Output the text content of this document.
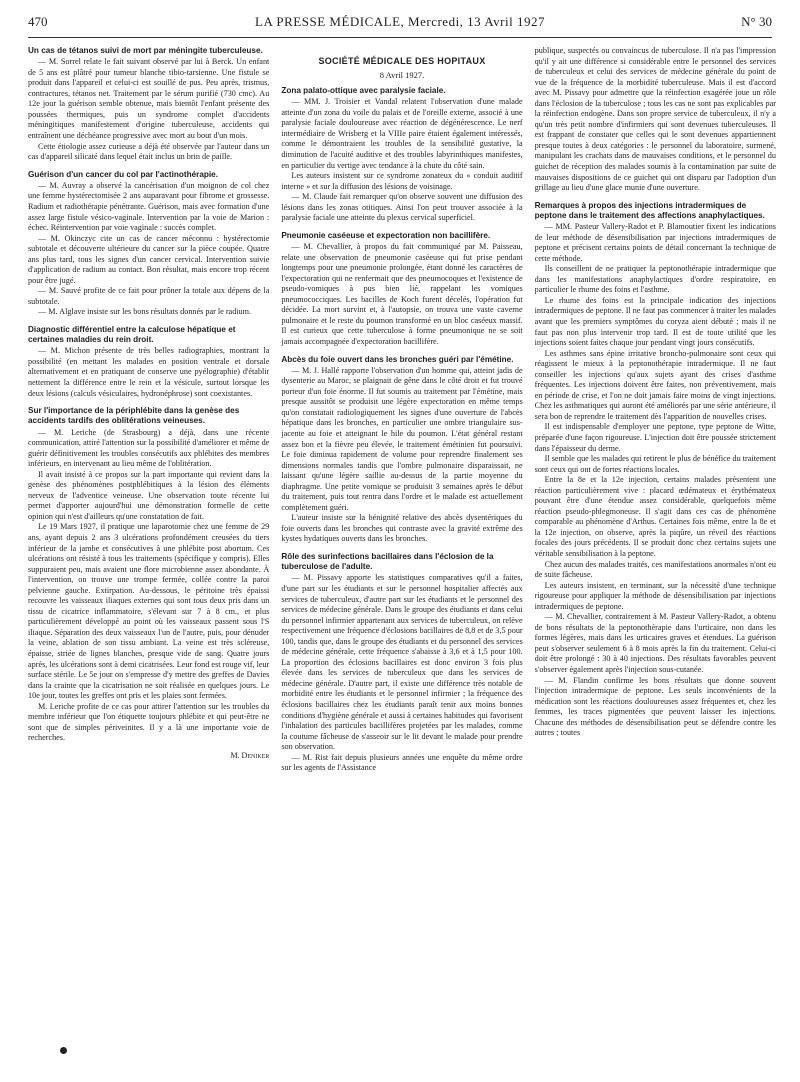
470	LA PRESSE MÉDICALE, Mercredi, 13 Avril 1927	N° 30
Un cas de tétanos suivi de mort par méningite tuberculeuse.

— M. Sorrel relate le fait suivant observé par lui à Berck. Un enfant de 5 ans est plâtré pour tumeur blanche tibio-tarsienne. Une fistule se produit dans l'appareil et celui-ci est souillé de pus. Peu après, trismus, contractures, tétanos net. Traitement par le sérum purifié (730 cmc). Au 12e jour la guérison semble obtenue, mais bientôt l'enfant présente des poussées thermiques, puis un syndrome complet d'accidents méningitiques manifestement d'origine tuberculeuse, accidents qui entraînent une déchéance progressive avec mort au bout d'un mois.

Cette étiologie assez curieuse a déjà été observée par l'auteur dans un cas d'appareil silicaté dans lequel était inclus un brin de paille.

Guérison d'un cancer du col par l'actinothérapie.

— M. Auvray a observé la cancérisation d'un moignon de col chez une femme hystérectomisée 2 ans auparavant pour fibrome et grossesse. Radium et radiothérapie pénétrante. Guérison, mais avec formation d'une assez large fistule vésico-vaginale. Intervention par la voie de Marion : échec. Réintervention par voie vaginale : succès complet.

— M. Okinczyc cite un cas de cancer méconnu : hystérectomie subtotale et découverte ultérieure du cancer sur la pièce coupée. Quatre ans plus tard, tous les signes d'un cancer cervical. Intervention suivie d'application de radium au contact. Bon résultat, mais encore trop récent pour être jugé.

— M. Sauvé profite de ce fait pour prôner la totale aux dépens de la subtotale.

— M. Alglave insiste sur les bons résultats donnés par le radium.

Diagnostic différentiel entre la calculose hépatique et certaines maladies du rein droit.

— M. Michon présente de très belles radiographies, montrant la possibilité (en mettant les malades en position ventrale et dorsale alternativement et en pratiquant de conserve une pyélographie) d'établir nettement la différence entre le rein et la vésicule, surtout lorsque les deux lésions (calculs vésiculaires, hydronéphrose) sont coexistantes.

Sur l'importance de la périphlébite dans la genèse des accidents tardifs des oblitérations veineuses.

— M. Leriche (de Strasbourg) a déjà, dans une récente communication, attiré l'attention sur la possibilité d'améliorer et même de guérir définitivement les troubles consécutifs aux phlébites des membres inférieurs, en intervenant au lieu même de l'oblitération.

Il avait insisté à ce propos sur la part importante qui revient dans la genèse des phénomènes postphlébitiques à la lésion des éléments nerveux de l'adventice veineuse. Une observation toute récente lui permet d'apporter aujourd'hui une démonstration formelle de cette opinion qui n'est d'ailleurs qu'une constatation de fait.

Le 19 Mars 1927, il pratique une laparotomie chez une femme de 29 ans, ayant depuis 2 ans 3 ulcérations profondément creusées du tiers inférieur de la jambe et consécutives à une phlébite post abortum. Ces ulcérations ont résisté à tous les traitements (spécifique y compris). Elles suppuraient peu, mais avaient une flore microbienne assez abondante. À l'intervention, on trouve une trompe fermée, collée contre la paroi pelvienne gauche. Extirpation. Au-dessous, le péritoine très épaissi recouvre les vaisseaux iliaques externes qui sont tous deux pris dans un tissu de cicatrice inflammatoire, s'élevant sur 7 à 8 cm., et plus particulièrement développé au point où les vaisseaux passent sous l'S iliaque. Séparation des deux vaisseaux l'un de l'autre, puis, pour dénuder la veine, ablation de son tissu ambiant. La veine est très scléreuse, épaisse, striée de lignes blanches, presque vide de sang. Quatre jours après, les ulcérations sont à demi cicatrisées. Leur fond est rouge vif, leur surface stérile. Le 5e jour on s'empresse d'y mettre des greffes de Davies dans la crainte que la cicatrisation ne soit réalisée en quelques jours. Le 10e jour, toutes les greffes ont pris et les plaies sont fermées.

M. Leriche profite de ce cas pour attirer l'attention sur les troubles du membre inférieur que l'on étiquette toujours phlébite et qui peut-être ne sont que de simples périveinites. Il y a là une importante voie de recherches.

M. Deniker
SOCIÉTÉ MÉDICALE DES HOPITAUX
8 Avril 1927.
Zona palato-ottique avec paralysie faciale.

— MM. J. Troisier et Vandal relatent l'observation d'une malade atteinte d'un zona du voile du palais et de l'oreille externe, associé à une paralysie faciale douloureuse avec réaction de dégénérescence. Le nerf intermédiaire de Wrisberg et la VIIIe paire étaient également intéressés, comme le démontraient les troubles de la sensibilité gustative, la diminution de l'acuité auditive et des troubles labyrinthiques manifestes, en particulier du vertige avec tendance à la chute du côté sain.

Les auteurs insistent sur ce syndrome zonateux du « conduit auditif interne » et sur la diffusion des lésions de voisinage.

— M. Claude fait remarquer qu'on observe souvent une diffusion des lésions dans les zonas otitiques. Ainsi l'on peut trouver associée à la paralysie faciale une atteinte du plexus cervical superficiel.

Pneumonie caséeuse et expectoration non bacillifère.

— M. Chevallier, à propos du fait communiqué par M. Paisseau, relate une observation de pneumonie caséeuse qui fut prise pendant longtemps pour une pneumonie prolongée, étant donné les caractères de l'expectoration qui ne renfermait que des pneumocoques et l'existence de pseudo-vomiques à pus bien lié, rappelant les vomiques pneumococciques. Les bacilles de Koch furent décelés, l'opération fut décidée. La mort survint et, à l'autopsie, on trouva une vaste caverne pulmonaire et le reste du poumon transformé en un bloc caséeux massif. Il est curieux que cette tuberculose à forme pneumonique ne se soit jamais accompagnée d'expectoration bacillifère.

Abcès du foie ouvert dans les bronches guéri par l'émétine.

— M. J. Hallé rapporte l'observation d'un homme qui, atteint jadis de dysenterie au Maroc, se plaignait de gêne dans le côté droit et fut trouvé porteur d'un foie énorme. Il fut soumis au traitement par l'émétine, mais presque aussitôt se produisit une légère expectoration en même temps qu'on constatait radiologiquement les signes d'une ouverture de l'abcès hépatique dans les bronches, en particulier une ombre triangulaire sus-jacente au foie et atteignant le hile du poumon. L'état général restant assez bon et la fièvre peu élevée, le traitement émétinien fut poursuivi. Le foie diminua rapidement de volume pour reprendre finalement ses dimensions normales tandis que l'ombre pulmonaire disparaissait, ne laissant qu'une légère saillie au-dessus de la partie moyenne du diaphragme. Une petite vomique se produisit 3 semaines après le début du traitement, puis tout rentra dans l'ordre et le malade est actuellement complètement guéri.

L'auteur insiste sur la bénignité relative des abcès dysentériques du foie ouverts dans les bronches qui contraste avec la gravité extrême des kystes hydatiques ouverts dans les bronches.

Rôle des surinfections bacillaires dans l'éclosion de la tuberculose de l'adulte.

— M. Pissavy apporte les statistiques comparatives qu'il a faites, d'une part sur les étudiants et sur le personnel hospitalier affectés aux services de tuberculeux, d'autre part sur les étudiants et le personnel des services de médecine générale. Dans le groupe des étudiants et dans celui du personnel infirmier appartenant aux services de tuberculeux, on relève respectivement une fréquence d'éclosions bacillaires de 8,8 et de 3,5 pour 100, tandis que, dans le groupe des étudiants et du personnel des services de médecine générale, cette fréquence s'abaisse à 3,6 et à 1,5 pour 100. La proportion des éclosions bacillaires est donc environ 3 fois plus élevée dans les services de tuberculeux que dans les services de médecine générale. D'autre part, il existe une différence très notable de morbidité entre les étudiants et le personnel infirmier ; la fréquence des éclosions bacillaires chez les étudiants paraît tenir aux moins bonnes conditions d'hygiène générale et aussi à certaines habitudes qui favorisent l'inhalation des particules bacillifères projetées par les malades, comme la coutume fâcheuse de s'asseoir sur le lit devant le malade pour prendre son observation.

— M. Rist fait depuis plusieurs années une enquête du même ordre sur les agents de l'Assistance

publique, suspectés ou convaincus de tuberculose. Il n'a pas l'impression qu'il y ait une différence si considérable entre le personnel des services de tuberculeux et celui des services de médecine générale du point de vue de la fréquence de la morbidité tuberculeuse. Mais il est d'accord avec M. Pissavy pour admettre que la réinfection exagérée joue un rôle dans l'éclosion de la tuberculose ; tous les cas ne sont pas explicables par la réinfection endogène. Dans son propre service de tuberculeux, il n'y a qu'un très petit nombre d'infirmiers qui sont devenues tuberculeuses. Il est frappant de constater que celles qui le sont devenues appartiennent presque toutes à deux catégories : le personnel du laboratoire, surmené, manipulant les crachats dans de mauvaises conditions, et le personnel du guichet de réception des malades soumis à la contamination par suite de mauvaises dispositions de ce guichet qui ont disparu par l'adoption d'un grillage au lieu d'une glace munie d'une ouverture.

Remarques à propos des injections intradermiques de peptone dans le traitement des affections anaphylactiques.

— MM. Pasteur Vallery-Radot et P. Blamoutier fixent les indications de leur méthode de désensibilisation par injections intradermiques de peptone et précisent certains points de détail concernant la technique de cette méthode.

Ils conseillent de ne pratiquer la peptonothérapie intradermique que dans les manifestations anaphylactiques d'ordre respiratoire, en particulier le rhume des foins et l'asthme.

Le rhume des foins est la principale indication des injections intradermiques de peptone. Il ne faut pas commencer à traiter les malades avant que les premiers symptômes du coryza aient débuté ; mais il ne faut pas non plus intervenir trop tard. Il est de toute utilité que les injections soient faites chaque jour pendant vingt jours consécutifs.

Les asthmes sans épine irritative broncho-pulmonaire sont ceux qui réagissent le mieux à la peptonothérapie intradermique. Il ne faut conseiller les injections qu'aux sujets ayant des crises d'asthme fréquentes. Les injections doivent être faites, non préventivement, mais en période de crise, et l'on ne doit jamais faire moins de vingt injections. Chez les asthmatiques qui auront été améliorés par une série antérieure, il sera bon de reprendre le traitement dès l'apparition de nouvelles crises.

Il est indispensable d'employer une peptone, type peptone de Witte, préparée d'une façon rigoureuse. L'injection doit être poussée strictement dans l'épaisseur du derme.

Il semble que les malades qui retirent le plus de bénéfice du traitement sont ceux qui ont de fortes réactions locales.

Entre la 8e et la 12e injection, certains malades présentent une réaction particulièrement vive : placard œdémateux et érythémateux pouvant être d'une étendue assez considérable, quelquefois même réaction pseudo-phlegmoneuse. Il s'agit dans ces cas de phénomène comparable au phénomène d'Arthus. Certaines fois même, entre la 8e et la 12e injection, on observe, après la piqûre, un réveil des réactions focales des jours précédents. Il se produit donc chez certains sujets une véritable sensibilisation à la peptone.

Chez aucun des malades traités, ces manifestations anormales n'ont eu de suite fâcheuse.

Les auteurs insistent, en terminant, sur la nécessité d'une technique rigoureuse pour appliquer la méthode de désensibilisation par injections intradermiques de peptone.

— M. Chevallier, contrairement à M. Pasteur Vallery-Radot, a obtenu de bons résultats de la peptonothérapie dans l'urticaire, non dans les formes légères, mais dans les urticaires graves et étendues. La guérison peut s'observer seulement 6 à 8 mois après la fin du traitement. Celui-ci doit être prolongé : 30 à 40 injections. Des résultats favorables peuvent s'observer également après l'injection sous-cutanée.

— M. Flandin confirme les bons résultats que donne souvent l'injection intradermique de peptone. Les seuls inconvénients de la médication sont les réactions douloureuses assez fréquentes et, chez les femmes, les traces pigmentées que peuvent laisser les injections. Chacune des méthodes de désensibilisation peut se défendre contre les autres ; toutes
